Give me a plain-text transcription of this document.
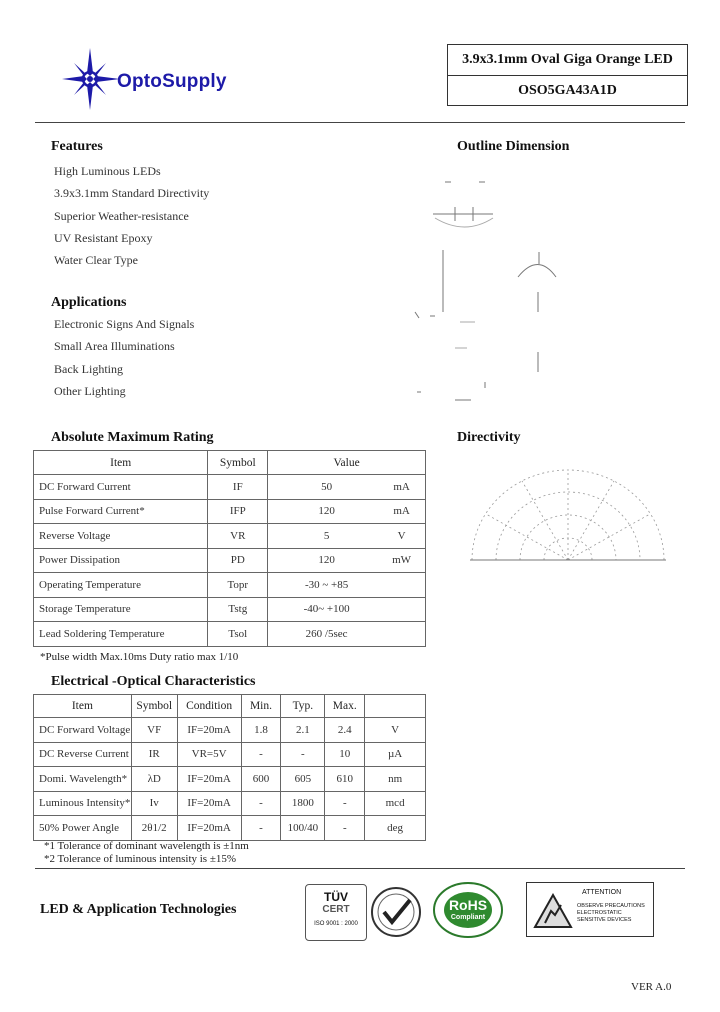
OptoSupply
3.9x3.1mm Oval Giga Orange LED
OSO5GA43A1D
Features
High Luminous LEDs
3.9x3.1mm Standard Directivity
Superior Weather-resistance
UV Resistant Epoxy
Water Clear Type
Applications
Electronic Signs And Signals
Small Area Illuminations
Back Lighting
Other Lighting
Outline Dimension
Directivity
Absolute Maximum Rating
Item	Symbol	Value
DC Forward Current	IF	50 mA
Pulse Forward Current*	IFP	120 mA
Reverse Voltage	VR	5 V
Power Dissipation	PD	120 mW
Operating Temperature	Topr	-30 ~ +85
Storage Temperature	Tstg	-40~ +100
Lead Soldering Temperature	Tsol	260 /5sec
*Pulse width Max.10ms Duty ratio max 1/10
Electrical -Optical Characteristics
Item	Symbol	Condition	Min.	Typ.	Max.	
DC Forward Voltage	VF	IF=20mA	1.8	2.1	2.4	V
DC Reverse Current	IR	VR=5V	-	-	10	µA
Domi. Wavelength*	λD	IF=20mA	600	605	610	nm
Luminous Intensity*	Iv	IF=20mA	-	1800	-	mcd
50% Power Angle	2θ1/2	IF=20mA	-	100/40	-	deg
*1 Tolerance of dominant wavelength is ±1nm
*2 Tolerance of luminous intensity is ±15%
LED & Application Technologies
TÜV
CERT
ISO 9001 : 2000
RoHS
Compliant
ATTENTION
OBSERVE PRECAUTIONS
ELECTROSTATIC
SENSITIVE DEVICES
VER A.0
